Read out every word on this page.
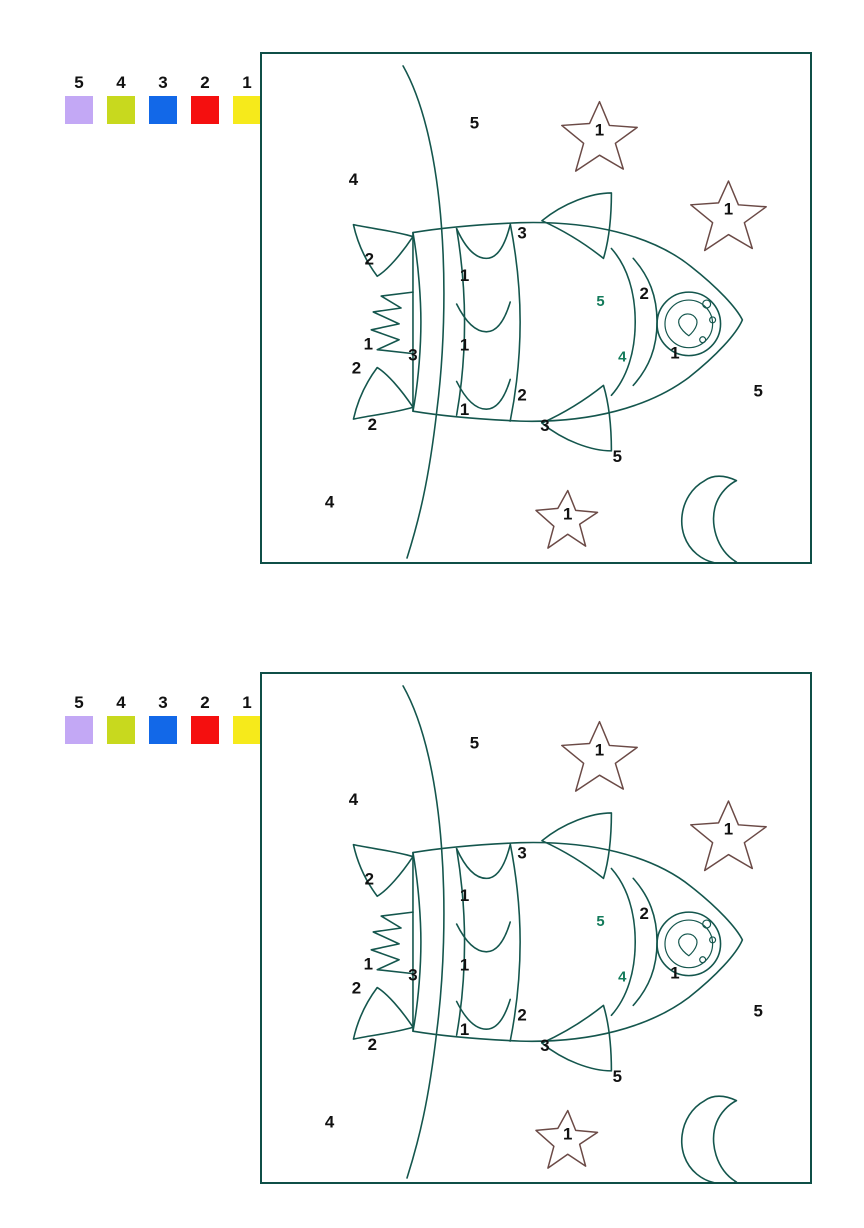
5	4	3	2	1
5	1
1
4
3
2
1
5 2
1
3
1
4	1
2
2	5
1
2	3
5
4
1
5	4	3	2	1
5	1
1
4
3
2
1
5 2
1
3
1
4	1
2
2	5
1
2	3
5
4
1
